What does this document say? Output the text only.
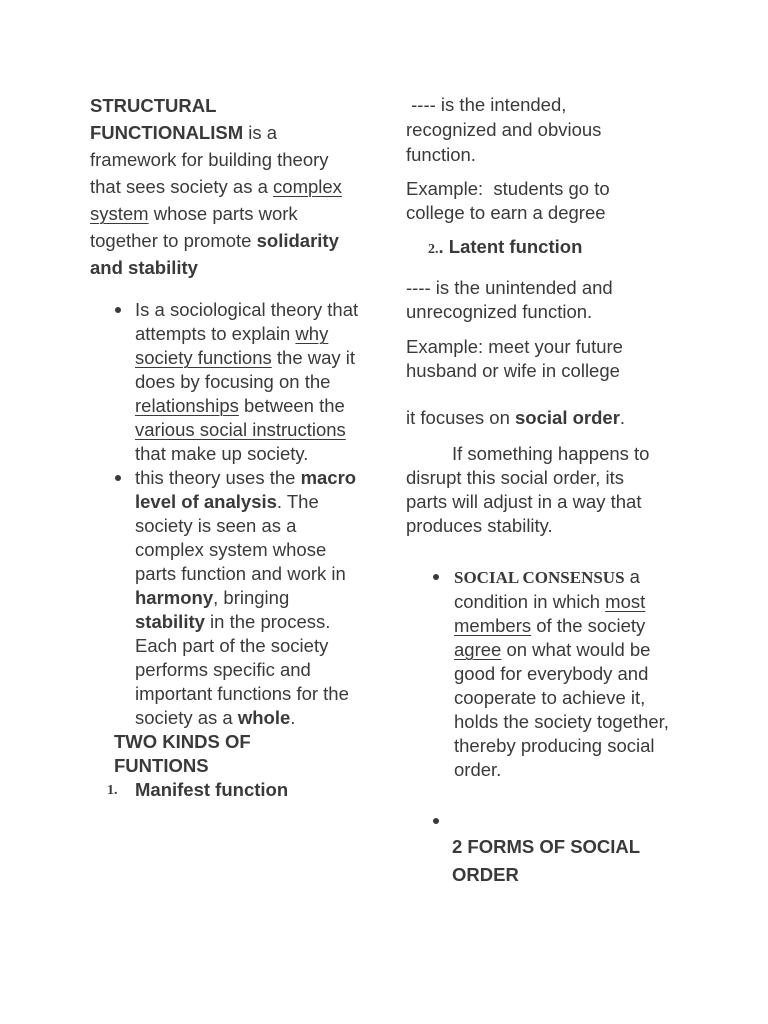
STRUCTURAL FUNCTIONALISM is a framework for building theory that sees society as a complex system whose parts work together to promote solidarity and stability

Is a sociological theory that attempts to explain why society functions the way it does by focusing on the relationships between the various social instructions that make up society.
this theory uses the macro level of analysis. The society is seen as a complex system whose parts function and work in harmony, bringing stability in the process. Each part of the society performs specific and important functions for the society as a whole.
TWO KINDS OF FUNTIONS
1. Manifest function

---- is the intended, recognized and obvious function.

Example:  students go to college to earn a degree

2.. Latent function

---- is the unintended and unrecognized function.

Example: meet your future husband or wife in college

it focuses on social order.

If something happens to disrupt this social order, its parts will adjust in a way that produces stability.

SOCIAL CONSENSUS a condition in which most members of the society agree on what would be good for everybody and cooperate to achieve it, holds the society together, thereby producing social order.
2 FORMS OF SOCIAL ORDER
